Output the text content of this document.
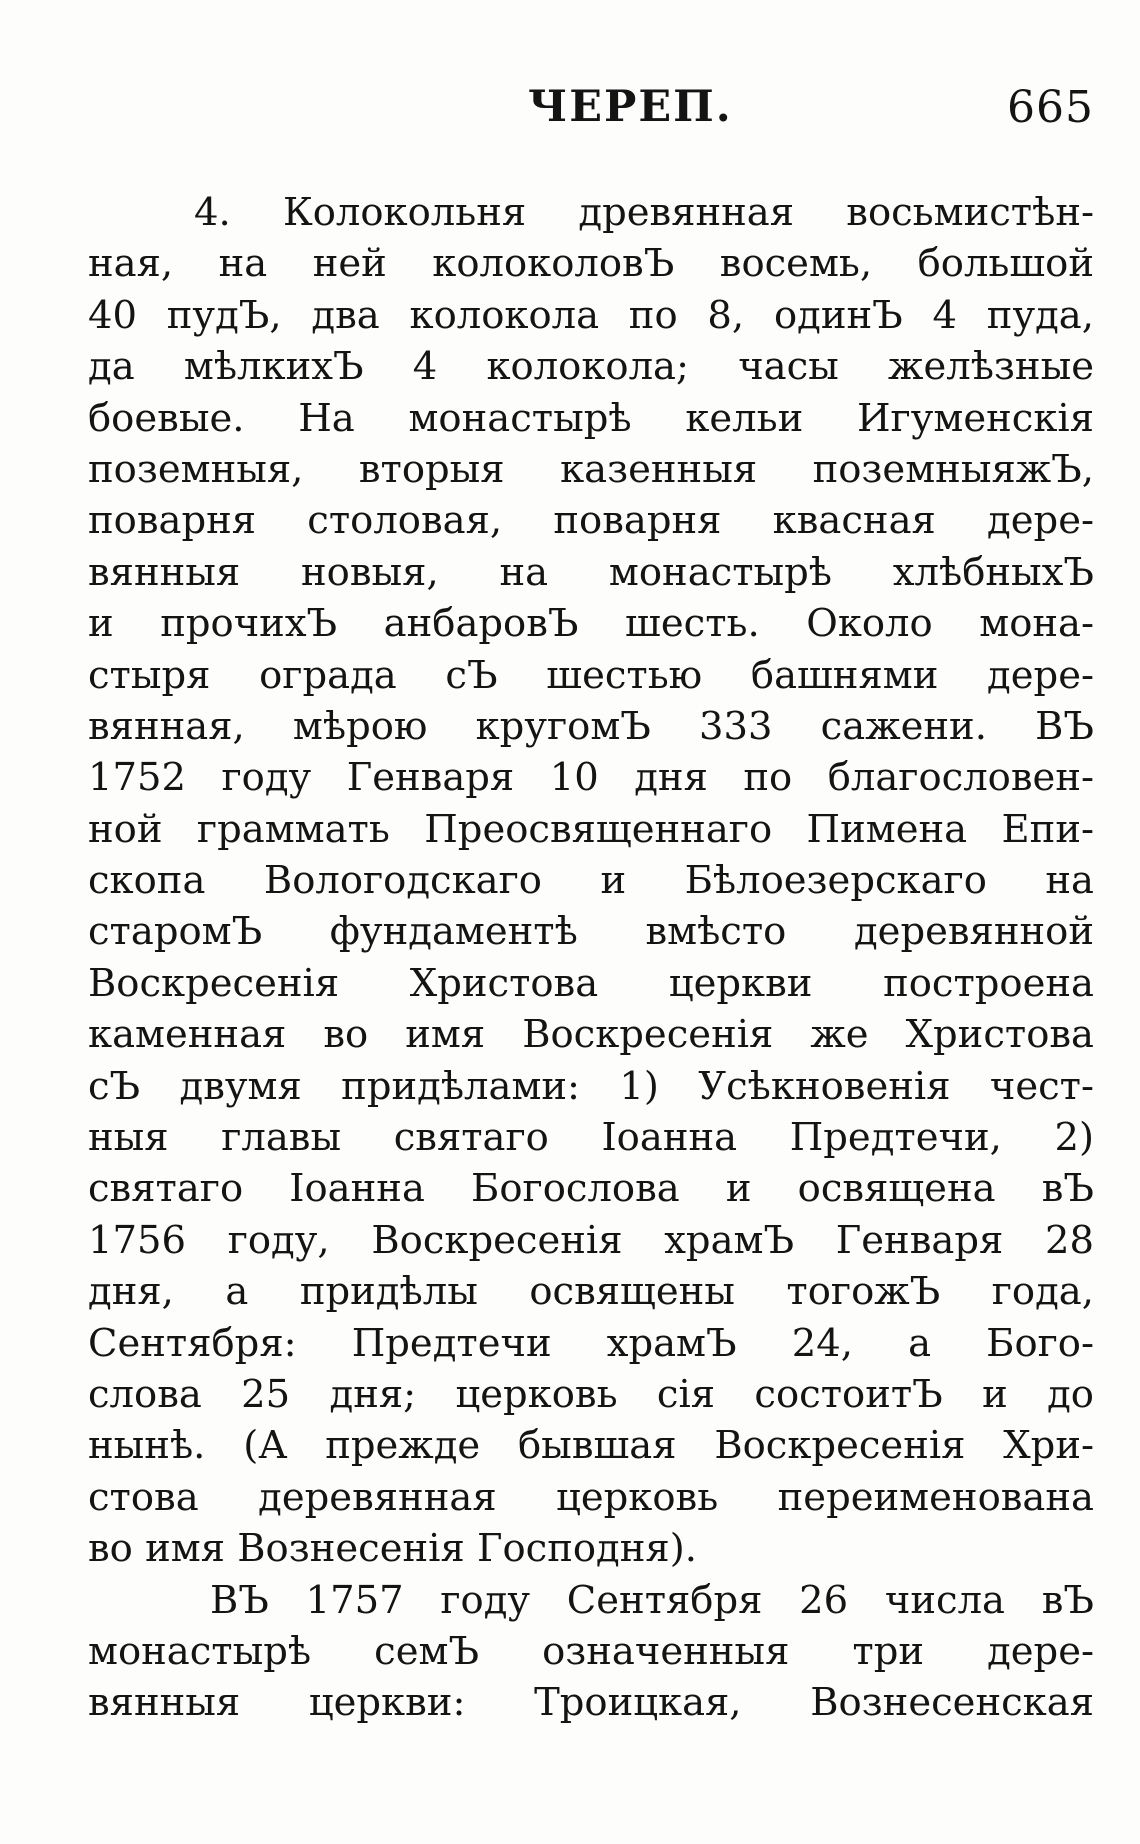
ЧЕРЕП.	665
4. Колокольня древянная восьмистѣн-
ная, на ней колоколовЪ восемь, большой
40 пудЪ, два колокола по 8, одинЪ 4 пуда,
да мѣлкихЪ 4 колокола; часы желѣзные
боевые. На монастырѣ кельи Игуменскія
поземныя, вторыя казенныя поземныяжЪ,
поварня столовая, поварня квасная дере-
вянныя новыя, на монастырѣ хлѣбныхЪ
и прочихЪ анбаровЪ шесть. Около мона-
стыря ограда сЪ шестью башнями дере-
вянная, мѣрою кругомЪ 333 сажени. ВЪ
1752 году Генваря 10 дня по благословен-
ной граммать Преосвященнаго Пимена Епи-
скопа Вологодскаго и Бѣлоезерскаго на
старомЪ фундаментѣ вмѣсто деревянной
Воскресенія Христова церкви построена
каменная во имя Воскресенія же Христова
сЪ двумя придѣлами: 1) Усѣкновенія чест-
ныя главы святаго Іоанна Предтечи, 2)
святаго Іоанна Богослова и освящена вЪ
1756 году, Воскресенія храмЪ Генваря 28
дня, а придѣлы освящены тогожЪ года,
Сентября: Предтечи храмЪ 24, а Бого-
слова 25 дня; церковь сія состоитЪ и до
нынѣ. (А прежде бывшая Воскресенія Хри-
стова деревянная церковь переименована
во имя Вознесенія Господня).
ВЪ 1757 году Сентября 26 числа вЪ
монастырѣ семЪ означенныя три дере-
вянныя церкви: Троицкая, Вознесенская
